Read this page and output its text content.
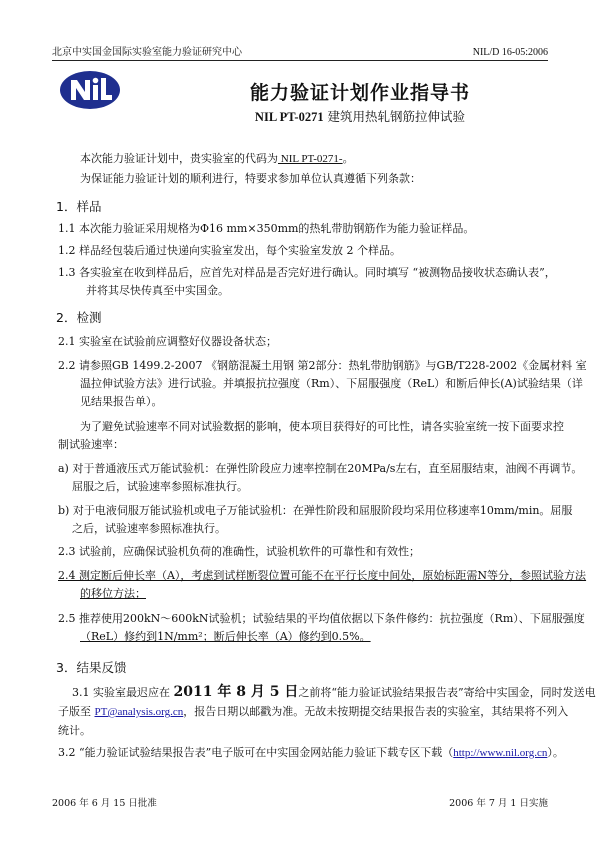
北京中实国金国际实验室能力验证研究中心	NIL/D 16-05:2006
能力验证计划作业指导书
NIL PT-0271 建筑用热轧钢筋拉伸试验
本次能力验证计划中，贵实验室的代码为 NIL PT-0271-。
为保证能力验证计划的顺利进行，特要求参加单位认真遵循下列条款：
1．样品
1.1 本次能力验证采用规格为Φ16 mm×350mm的热轧带肋钢筋作为能力验证样品。
1.2 样品经包装后通过快递向实验室发出，每个实验室发放 2 个样品。
1.3 各实验室在收到样品后，应首先对样品是否完好进行确认。同时填写 “被测物品接收状态确认表”，
并将其尽快传真至中实国金。
2．检测
2.1 实验室在试验前应调整好仪器设备状态；
2.2 请参照GB 1499.2-2007 《钢筋混凝土用钢 第2部分：热轧带肋钢筋》与GB/T228-2002《金属材料 室
温拉伸试验方法》进行试验。并填报抗拉强度（Rm）、下屈服强度（ReL）和断后伸长(A)试验结果（详
见结果报告单）。
为了避免试验速率不同对试验数据的影响，使本项目获得好的可比性，请各实验室统一按下面要求控
制试验速率：
a) 对于普通液压式万能试验机：在弹性阶段应力速率控制在20MPa/s左右，直至屈服结束，油阀不再调节。
屈服之后，试验速率参照标准执行。
b) 对于电液伺服万能试验机或电子万能试验机：在弹性阶段和屈服阶段均采用位移速率10mm/min。屈服
之后，试验速率参照标准执行。
2.3 试验前，应确保试验机负荷的准确性，试验机软件的可靠性和有效性；
2.4 测定断后伸长率（A），考虑到试样断裂位置可能不在平行长度中间处，原始标距需N等分，参照试验方法
的移位方法；
2.5 推荐使用200kN～600kN试验机；试验结果的平均值依据以下条件修约：抗拉强度（Rm）、下屈服强度
（ReL）修约到1N/mm²；断后伸长率（A）修约到0.5%。
3．结果反馈
3.1 实验室最迟应在 2011 年 8 月 5 日之前将“能力验证试验结果报告表”寄给中实国金，同时发送电
子版至 PT@analysis.org.cn，报告日期以邮戳为准。无故未按期提交结果报告表的实验室，其结果将不列入
统计。
3.2 “能力验证试验结果报告表”电子版可在中实国金网站能力验证下载专区下载（http://www.nil.org.cn）。
2006 年 6 月 15 日批准	2006 年 7 月 1 日实施
